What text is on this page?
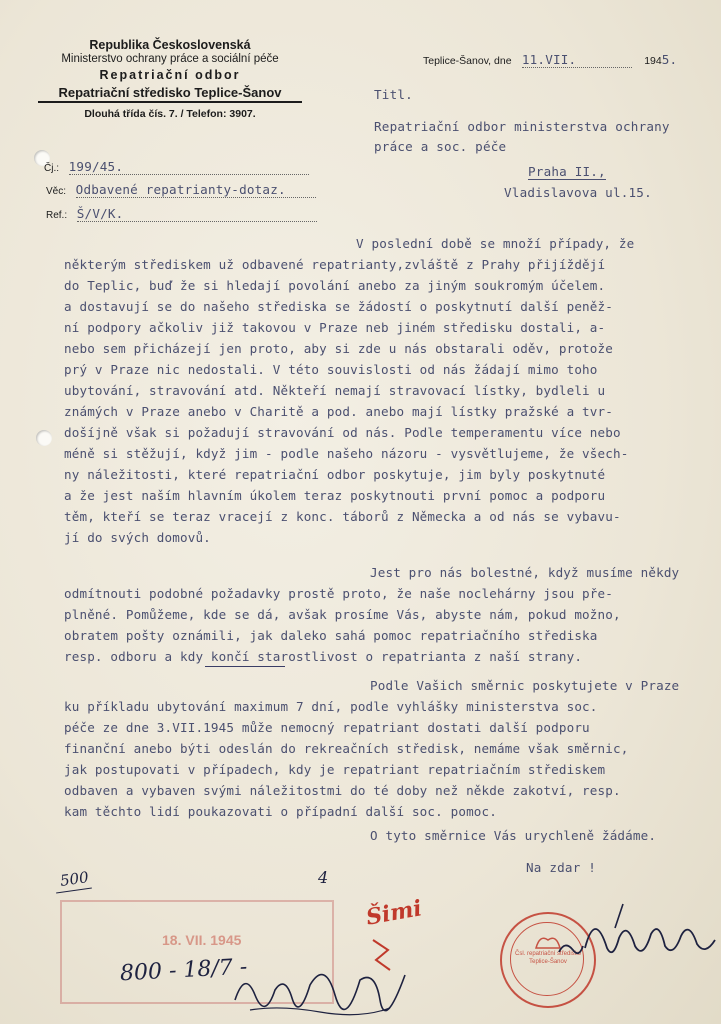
Republika Československá
Ministerstvo ochrany práce a sociální péče
Repatriační odbor
Repatriační středisko Teplice-Šanov
Dlouhá třída čís. 7. / Telefon: 3907.
Teplice-Šanov, dne 11.VII.	1945.
Titl.
Repatriační odbor ministerstva ochrany
práce a soc. péče
Praha II.,
Vladislavova ul.15.
Čj.: 199/45.
Věc: Odbavené repatrianty-dotaz.
Ref.: Š/V/K.
V poslední době se množí případy, že
některým střediskem už odbavené repatrianty,zvláště z Prahy přijíždějí
do Teplic, buď že si hledají povolání anebo za jiným soukromým účelem.
a dostavují se do našeho střediska se žádostí o poskytnutí další peněž-
ní podpory ačkoliv již takovou v Praze neb jiném středisku dostali, a-
nebo sem přicházejí jen proto, aby si zde u nás obstarali oděv, protože
prý v Praze nic nedostali. V této souvislosti od nás žádají mimo toho
ubytování, stravování atd. Někteří nemají stravovací lístky, bydleli u
známých v Praze anebo v Charitě a pod. anebo mají lístky pražské a tvr-
došíjně však si požadují stravování od nás. Podle temperamentu více nebo
méně si stěžují, když jim - podle našeho názoru - vysvětlujeme, že všech-
ny náležitosti, které repatriační odbor poskytuje, jim byly poskytnuté
a že jest naším hlavním úkolem teraz poskytnouti první pomoc a podporu
těm, kteří se teraz vracejí z konc. táborů z Německa a od nás se vybavu-
jí do svých domovů.
Jest pro nás bolestné, když musíme někdy
odmítnouti podobné požadavky prostě proto, že naše noclehárny jsou pře-
plněné. Pomůžeme, kde se dá, avšak prosíme Vás, abyste nám, pokud možno,
obratem pošty oznámili, jak daleko sahá pomoc repatriačního střediska
resp. odboru a kdy končí starostlivost o repatrianta z naší strany.
Podle Vašich směrnic poskytujete v Praze
ku příkladu ubytování maximum 7 dní, podle vyhlášky ministerstva soc.
péče ze dne 3.VII.1945 může nemocný repatriant dostati další podporu
finanční anebo býti odeslán do rekreačních středisk, nemáme však směrnic,
jak postupovati v případech, kdy je repatriant repatriačním střediskem
odbaven a vybaven svými náležitostmi do té doby než někde zakotví, resp.
kam těchto lidí poukazovati o případní další soc. pomoc.
O tyto směrnice Vás urychleně žádáme.
Na zdar !
500	4
18. VII. 1945
800 - 18/7 -
Šimi
Čsl. repatriační středisko Teplice-Šanov
